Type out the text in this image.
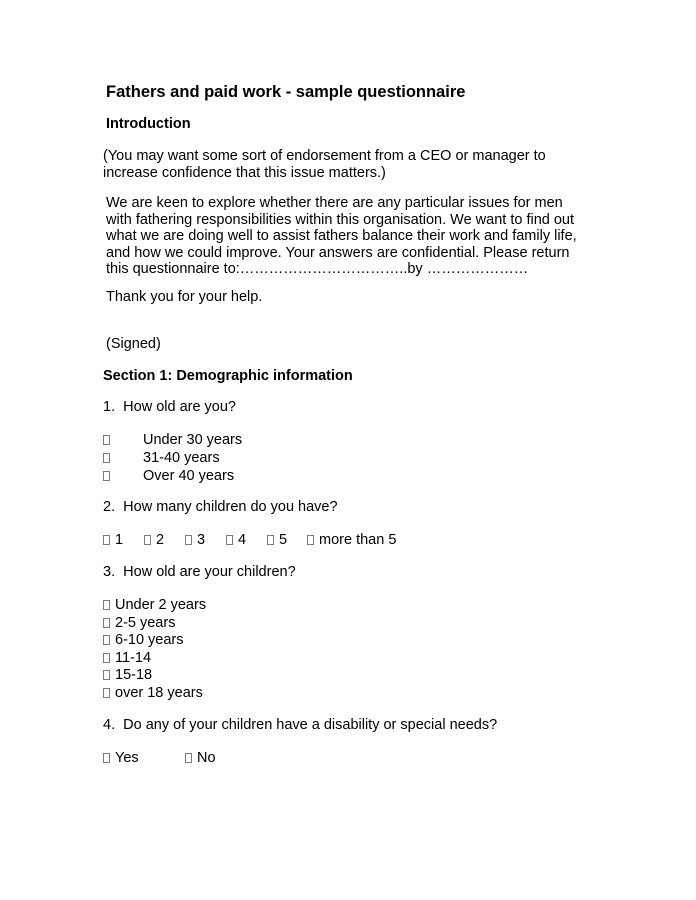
Fathers and paid work - sample questionnaire
Introduction
(You may want some sort of endorsement from a CEO or manager to increase confidence that this issue matters.)
We are keen to explore whether there are any particular issues for men with fathering responsibilities within this organisation. We want to find out what we are doing well to assist fathers balance their work and family life, and how we could improve. Your answers are confidential. Please return this questionnaire to:……………………………..by …………………
Thank you for your help.
(Signed)
Section 1: Demographic information
1. How old are you?
Under 30 years
31-40 years
Over 40 years
2. How many children do you have?
1	2	3	4	5	more than 5
3. How old are your children?
Under 2 years
2-5 years
6-10 years
11-14
15-18
over 18 years
4. Do any of your children have a disability or special needs?
Yes	No
